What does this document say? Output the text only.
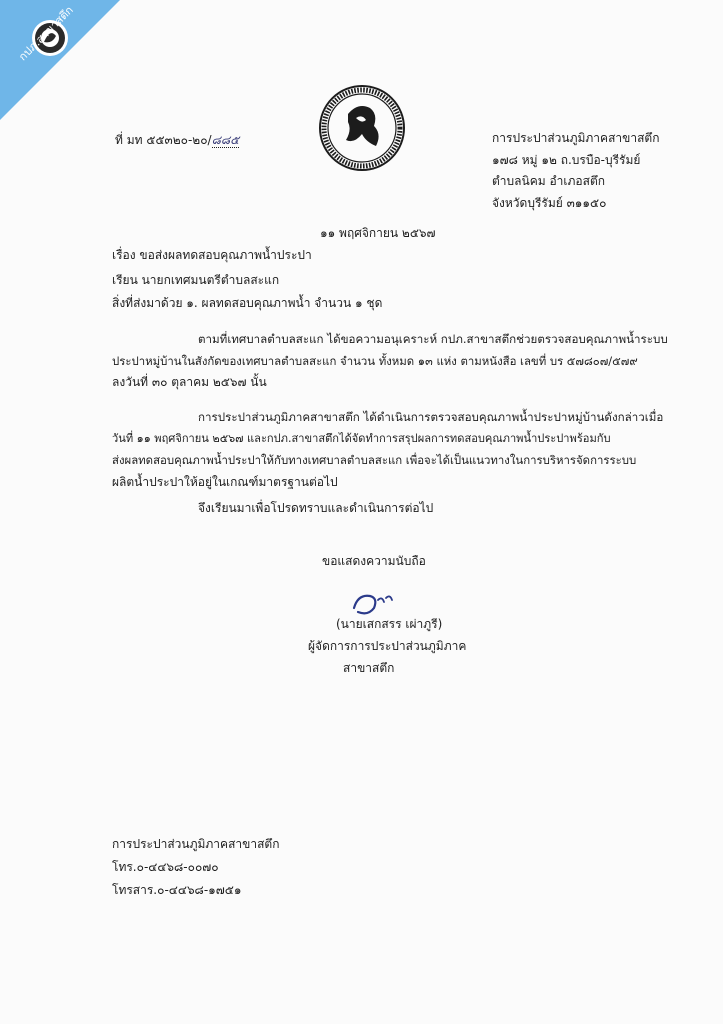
กปภ.สาขาสตึก
ที่ มท ๕๕๓๒๐-๒๐/๘๘๕	การประปาส่วนภูมิภาคสาขาสตึก
๑๗๘ หมู่ ๑๒ ถ.บรบือ-บุรีรัมย์
ตำบลนิคม อำเภอสตึก
จังหวัดบุรีรัมย์ ๓๑๑๕๐
๑๑ พฤศจิกายน ๒๕๖๗
เรื่อง ขอส่งผลทดสอบคุณภาพน้ำประปา
เรียน นายกเทศมนตรีตำบลสะแก
สิ่งที่ส่งมาด้วย ๑. ผลทดสอบคุณภาพน้ำ จำนวน ๑ ชุด
ตามที่เทศบาลตำบลสะแก ได้ขอความอนุเคราะห์ กปภ.สาขาสตึกช่วยตรวจสอบคุณภาพน้ำระบบ
ประปาหมู่บ้านในสังกัดของเทศบาลตำบลสะแก จำนวน ทั้งหมด ๑๓ แห่ง ตามหนังสือ เลขที่ บร ๕๗๘๐๗/๕๗๙
ลงวันที่ ๓๐ ตุลาคม ๒๕๖๗ นั้น
การประปาส่วนภูมิภาคสาขาสตึก ได้ดำเนินการตรวจสอบคุณภาพน้ำประปาหมู่บ้านดังกล่าวเมื่อ
วันที่ ๑๑ พฤศจิกายน ๒๕๖๗ และกปภ.สาขาสตึกได้จัดทำการสรุปผลการทดสอบคุณภาพน้ำประปาพร้อมกับ
ส่งผลทดสอบคุณภาพน้ำประปาให้กับทางเทศบาลตำบลสะแก เพื่อจะได้เป็นแนวทางในการบริหารจัดการระบบ
ผลิตน้ำประปาให้อยู่ในเกณฑ์มาตรฐานต่อไป
จึงเรียนมาเพื่อโปรดทราบและดำเนินการต่อไป
ขอแสดงความนับถือ
(นายเสกสรร เผ่าภูรี)
ผู้จัดการการประปาส่วนภูมิภาค
สาขาสตึก
การประปาส่วนภูมิภาคสาขาสตึก
โทร.๐-๔๔๖๘-๐๐๗๐
โทรสาร.๐-๔๔๖๘-๑๗๕๑
